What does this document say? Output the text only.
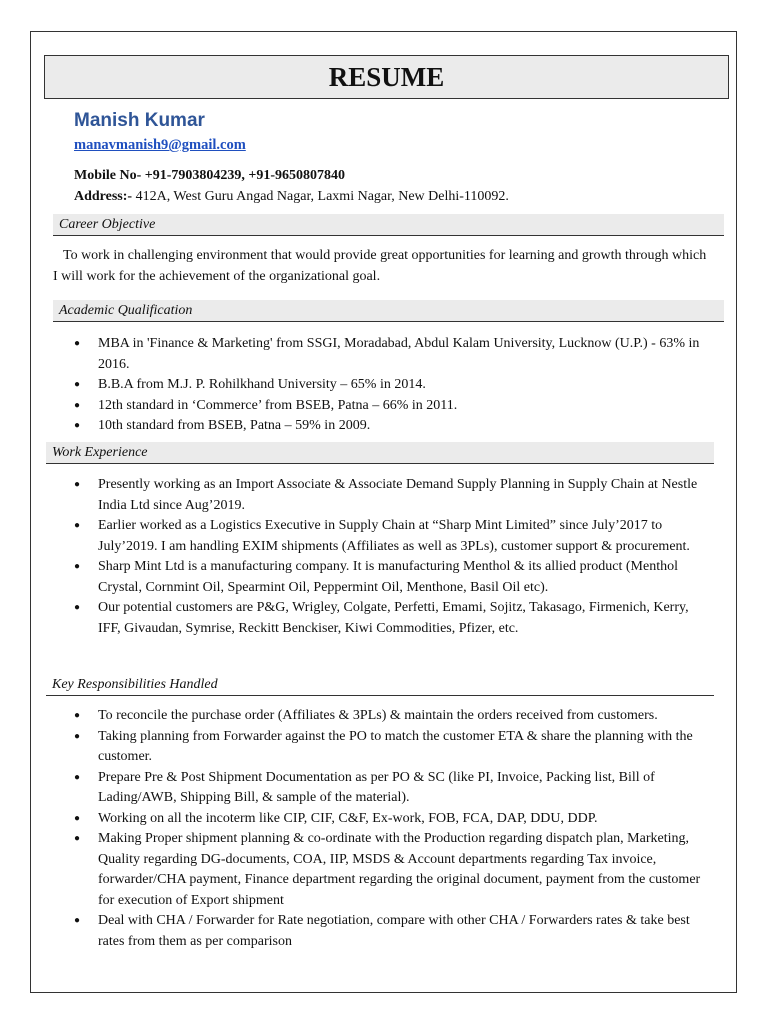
RESUME
Manish Kumar
manavmanish9@gmail.com
Mobile No- +91-7903804239, +91-9650807840
Address:- 412A, West Guru Angad Nagar, Laxmi Nagar, New Delhi-110092.
Career Objective
To work in challenging environment that would provide great opportunities for learning and growth through which I will work for the achievement of the organizational goal.
Academic Qualification
● MBA in 'Finance & Marketing' from SSGI, Moradabad, Abdul Kalam University, Lucknow (U.P.) - 63% in 2016.
● B.B.A from M.J. P. Rohilkhand University – 65% in 2014.
● 12th standard in ‘Commerce’ from BSEB, Patna – 66% in 2011.
● 10th standard from BSEB, Patna – 59% in 2009.
Work Experience
● Presently working as an Import Associate & Associate Demand Supply Planning in Supply Chain at Nestle India Ltd since Aug’2019.
● Earlier worked as a Logistics Executive in Supply Chain at “Sharp Mint Limited” since July’2017 to July’2019. I am handling EXIM shipments (Affiliates as well as 3PLs), customer support & procurement.
● Sharp Mint Ltd is a manufacturing company. It is manufacturing Menthol & its allied product (Menthol Crystal, Cornmint Oil, Spearmint Oil, Peppermint Oil, Menthone, Basil Oil etc).
● Our potential customers are P&G, Wrigley, Colgate, Perfetti, Emami, Sojitz, Takasago, Firmenich, Kerry, IFF, Givaudan, Symrise, Reckitt Benckiser, Kiwi Commodities, Pfizer, etc.
Key Responsibilities Handled
● To reconcile the purchase order (Affiliates & 3PLs) & maintain the orders received from customers.
● Taking planning from Forwarder against the PO to match the customer ETA & share the planning with the customer.
● Prepare Pre & Post Shipment Documentation as per PO & SC (like PI, Invoice, Packing list, Bill of Lading/AWB, Shipping Bill, & sample of the material).
● Working on all the incoterm like CIP, CIF, C&F, Ex-work, FOB, FCA, DAP, DDU, DDP.
● Making Proper shipment planning & co-ordinate with the Production regarding dispatch plan, Marketing, Quality regarding DG-documents, COA, IIP, MSDS & Account departments regarding Tax invoice, forwarder/CHA payment, Finance department regarding the original document, payment from the customer for execution of Export shipment
● Deal with CHA / Forwarder for Rate negotiation, compare with other CHA / Forwarders rates & take best rates from them as per comparison
